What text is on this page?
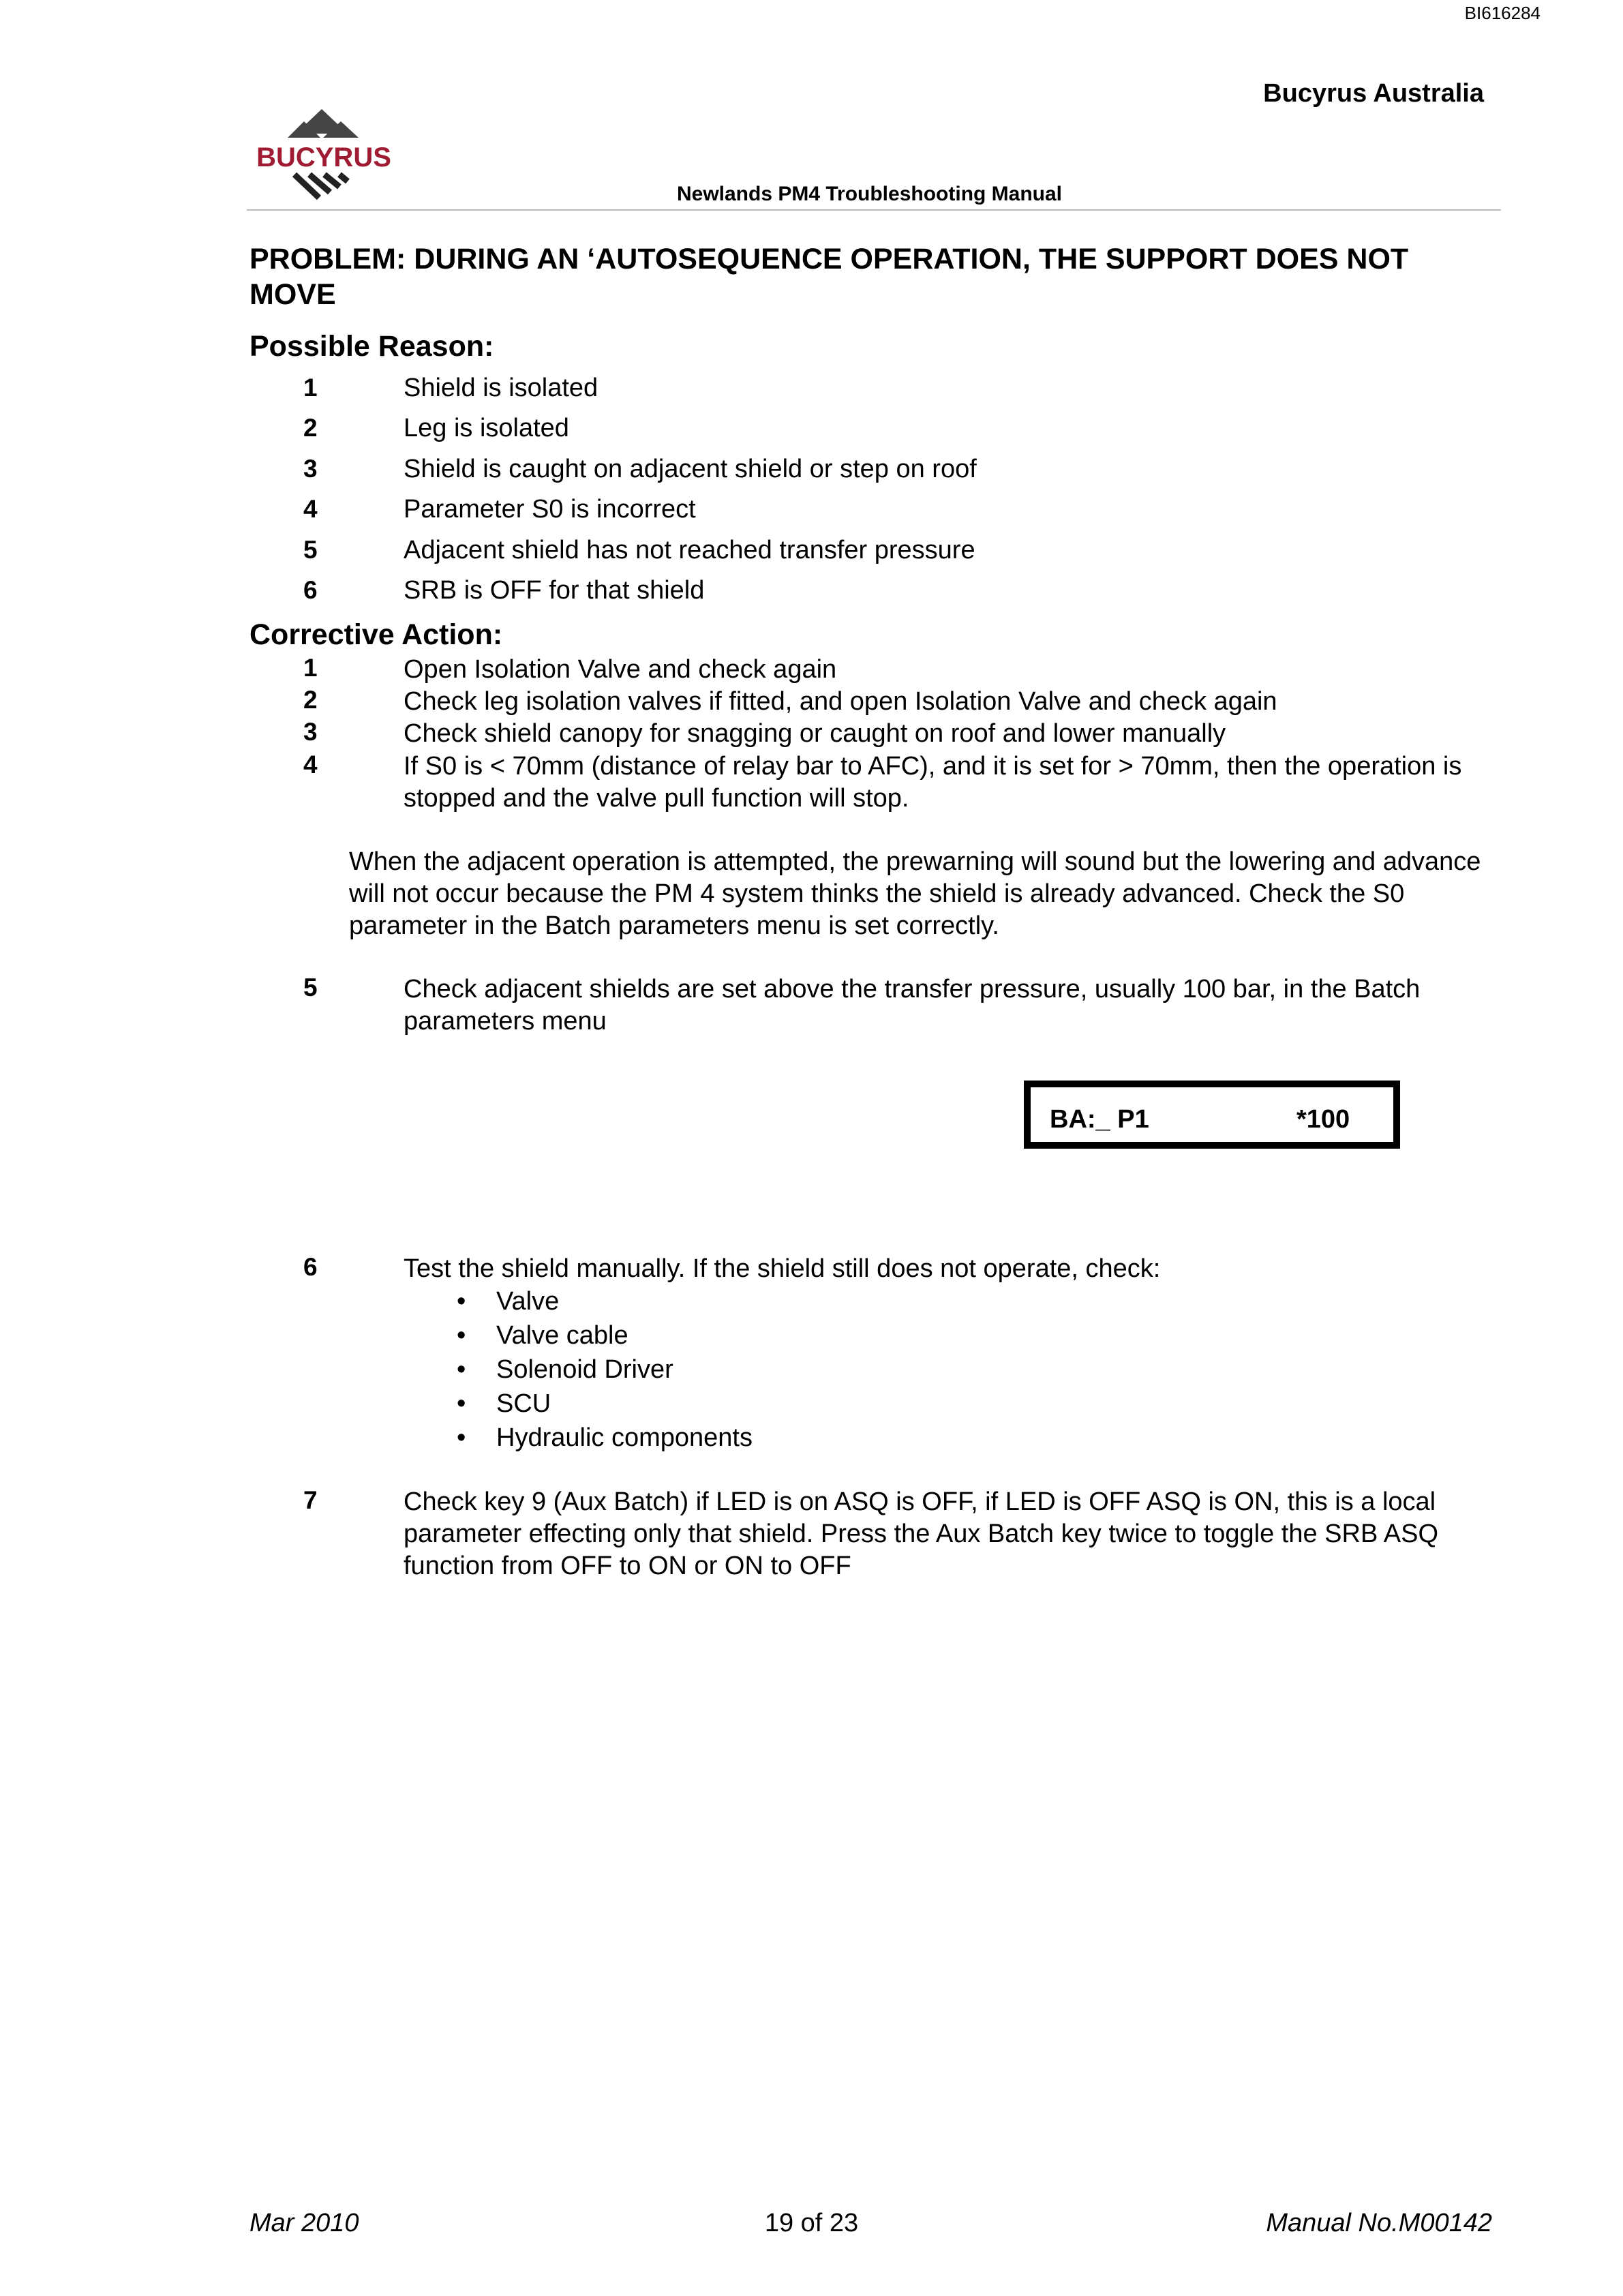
BI616284
Bucyrus Australia
BUCYRUS
Newlands PM4 Troubleshooting Manual
PROBLEM: DURING AN ‘AUTOSEQUENCE OPERATION, THE SUPPORT DOES NOT MOVE
Possible Reason:
1	Shield is isolated
2	Leg is isolated
3	Shield is caught on adjacent shield or step on roof
4	Parameter S0 is incorrect
5	Adjacent shield has not reached transfer pressure
6	SRB is OFF for that shield
Corrective Action:
1	Open Isolation Valve and check again
2	Check leg isolation valves if fitted, and open Isolation Valve and check again
3	Check shield canopy for snagging or caught on roof and lower manually
4	If S0 is < 70mm (distance of relay bar to AFC), and it is set for > 70mm, then the operation is stopped and the valve pull function will stop.
When the adjacent operation is attempted, the prewarning will sound but the lowering and advance will not occur because the PM 4 system thinks the shield is already advanced. Check the S0 parameter in the Batch parameters menu is set correctly.
5	Check adjacent shields are set above the transfer pressure, usually 100 bar, in the Batch parameters menu
BA:_ P1	*100
6	Test the shield manually. If the shield still does not operate, check:
• Valve
• Valve cable
• Solenoid Driver
• SCU
• Hydraulic components
7	Check key 9 (Aux Batch) if LED is on ASQ is OFF, if LED is OFF ASQ is ON, this is a local parameter effecting only that shield. Press the Aux Batch key twice to toggle the SRB ASQ function from OFF to ON or ON to OFF
Mar 2010	19 of 23	Manual No.M00142
